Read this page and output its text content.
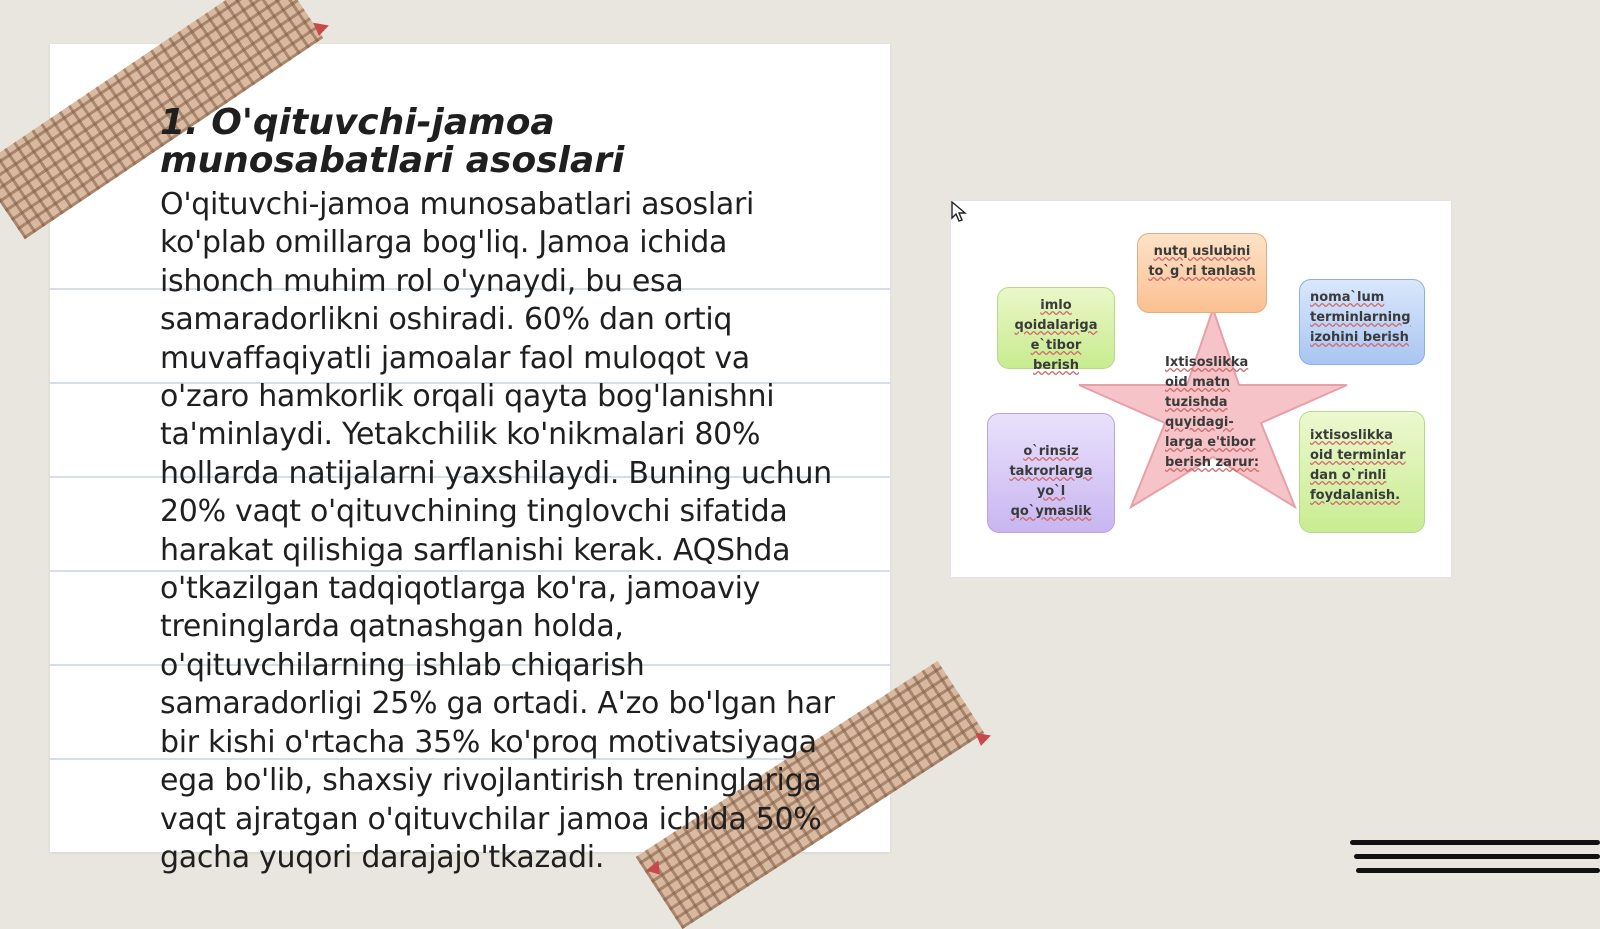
1. O'qituvchi-jamoa munosabatlari asoslari

O'qituvchi-jamoa munosabatlari asoslari ko'plab omillarga bog'liq. Jamoa ichida ishonch muhim rol o'ynaydi, bu esa samaradorlikni oshiradi. 60% dan ortiq muvaffaqiyatli jamoalar faol muloqot va o'zaro hamkorlik orqali qayta bog'lanishni ta'minlaydi. Yetakchilik ko'nikmalari 80% hollarda natijalarni yaxshilaydi. Buning uchun 20% vaqt o'qituvchining tinglovchi sifatida harakat qilishiga sarflanishi kerak. AQShda o'tkazilgan tadqiqotlarga ko'ra, jamoaviy treninglarda qatnashgan holda, o'qituvchilarning ishlab chiqarish samaradorligi 25% ga ortadi. A'zo bo'lgan har bir kishi o'rtacha 35% ko'proq motivatsiyaga ega bo'lib, shaxsiy rivojlantirish treninglariga vaqt ajratgan o'qituvchilar jamoa ichida 50% gacha yuqori darajajo'tkazadi.

nutq uslubini to`g`ri tanlash
imlo qoidalariga e`tibor berish
noma`lum terminlarning izohini berish
o`rinsiz takrorlarga yo`l qo`ymaslik
ixtisoslikka oid terminlar dan o`rinli foydalanish.
Ixtisoslikka oid matn tuzishda quyidagi-larga e'tibor berish zarur:
